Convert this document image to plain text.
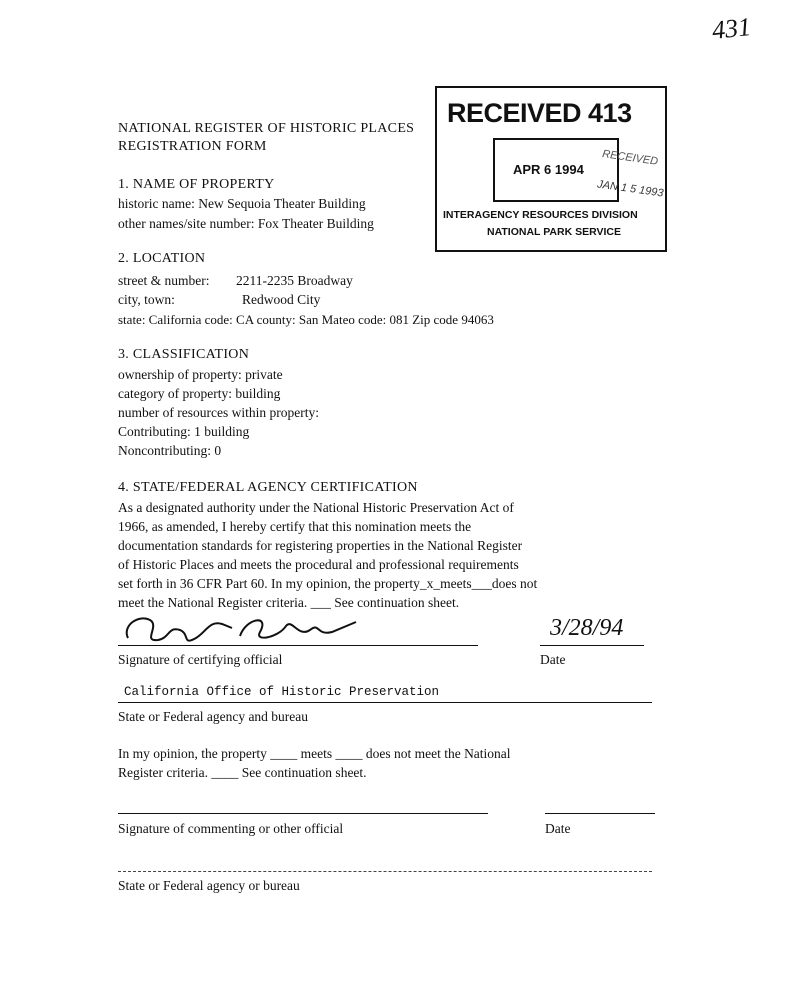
431
NATIONAL REGISTER OF HISTORIC PLACES
REGISTRATION FORM
RECEIVED 413
APR 6 1994
RECEIVED
JAN 1 5 1993
INTERAGENCY RESOURCES DIVISION
NATIONAL PARK SERVICE
1. NAME OF PROPERTY
historic name: New Sequoia Theater Building
other names/site number: Fox Theater Building
2. LOCATION
street & number: 2211-2235 Broadway
city, town:	Redwood City
state: California code: CA county: San Mateo code: 081 Zip code 94063
3. CLASSIFICATION
ownership of property: private
category of property: building
number of resources within property:
Contributing: 1 building
Noncontributing: 0
4. STATE/FEDERAL AGENCY CERTIFICATION
As a designated authority under the National Historic Preservation Act of
1966, as amended, I hereby certify that this nomination meets the
documentation standards for registering properties in the National Register
of Historic Places and meets the procedural and professional requirements
set forth in 36 CFR Part 60. In my opinion, the property_x_meets___does not
meet the National Register criteria. ___ See continuation sheet.
3/28/94
Signature of certifying official	Date
California Office of Historic Preservation
State or Federal agency and bureau
In my opinion, the property ____ meets ____ does not meet the National
Register criteria. ____ See continuation sheet.
Signature of commenting or other official	Date
State or Federal agency or bureau
